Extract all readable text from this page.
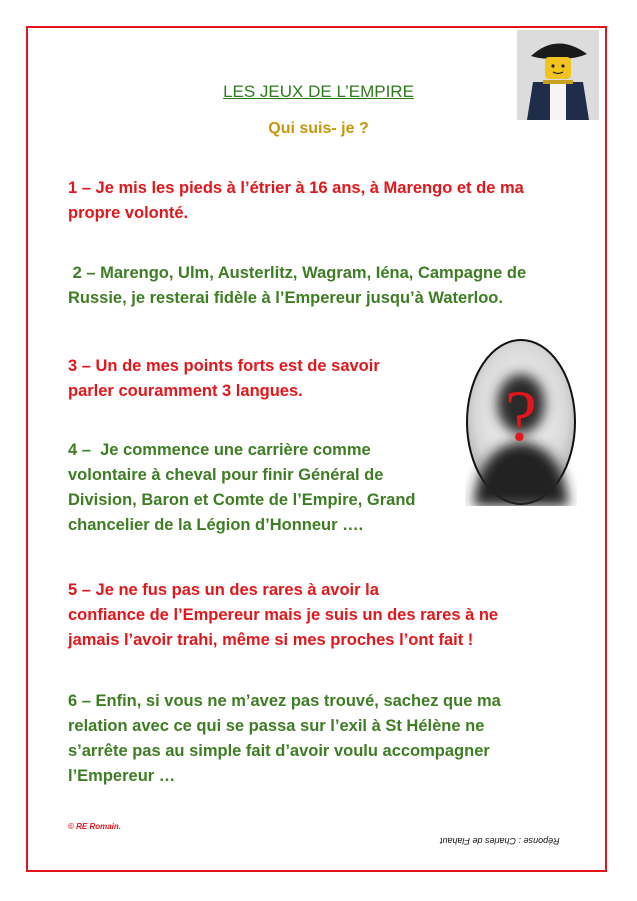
LES JEUX DE L’EMPIRE
Qui suis- je ?
1 – Je mis les pieds à l’étrier à 16 ans, à Marengo et de ma
propre volonté.
2 – Marengo, Ulm, Austerlitz, Wagram, Iéna, Campagne de
Russie, je resterai fidèle à l’Empereur jusqu’à Waterloo.
3 – Un de mes points forts est de savoir
parler couramment 3 langues.
4 –  Je commence une carrière comme
volontaire à cheval pour finir Général de
Division, Baron et Comte de l’Empire, Grand
chancelier de la Légion d’Honneur ….
5 – Je ne fus pas un des rares à avoir la
confiance de l’Empereur mais je suis un des rares à ne
jamais l’avoir trahi, même si mes proches l’ont fait !
6 – Enfin, si vous ne m’avez pas trouvé, sachez que ma
relation avec ce qui se passa sur l’exil à St Hélène ne
s’arrête pas au simple fait d’avoir voulu accompagner
l’Empereur …
?
© RE Romain.
Réponse : Charles de Flahaut
